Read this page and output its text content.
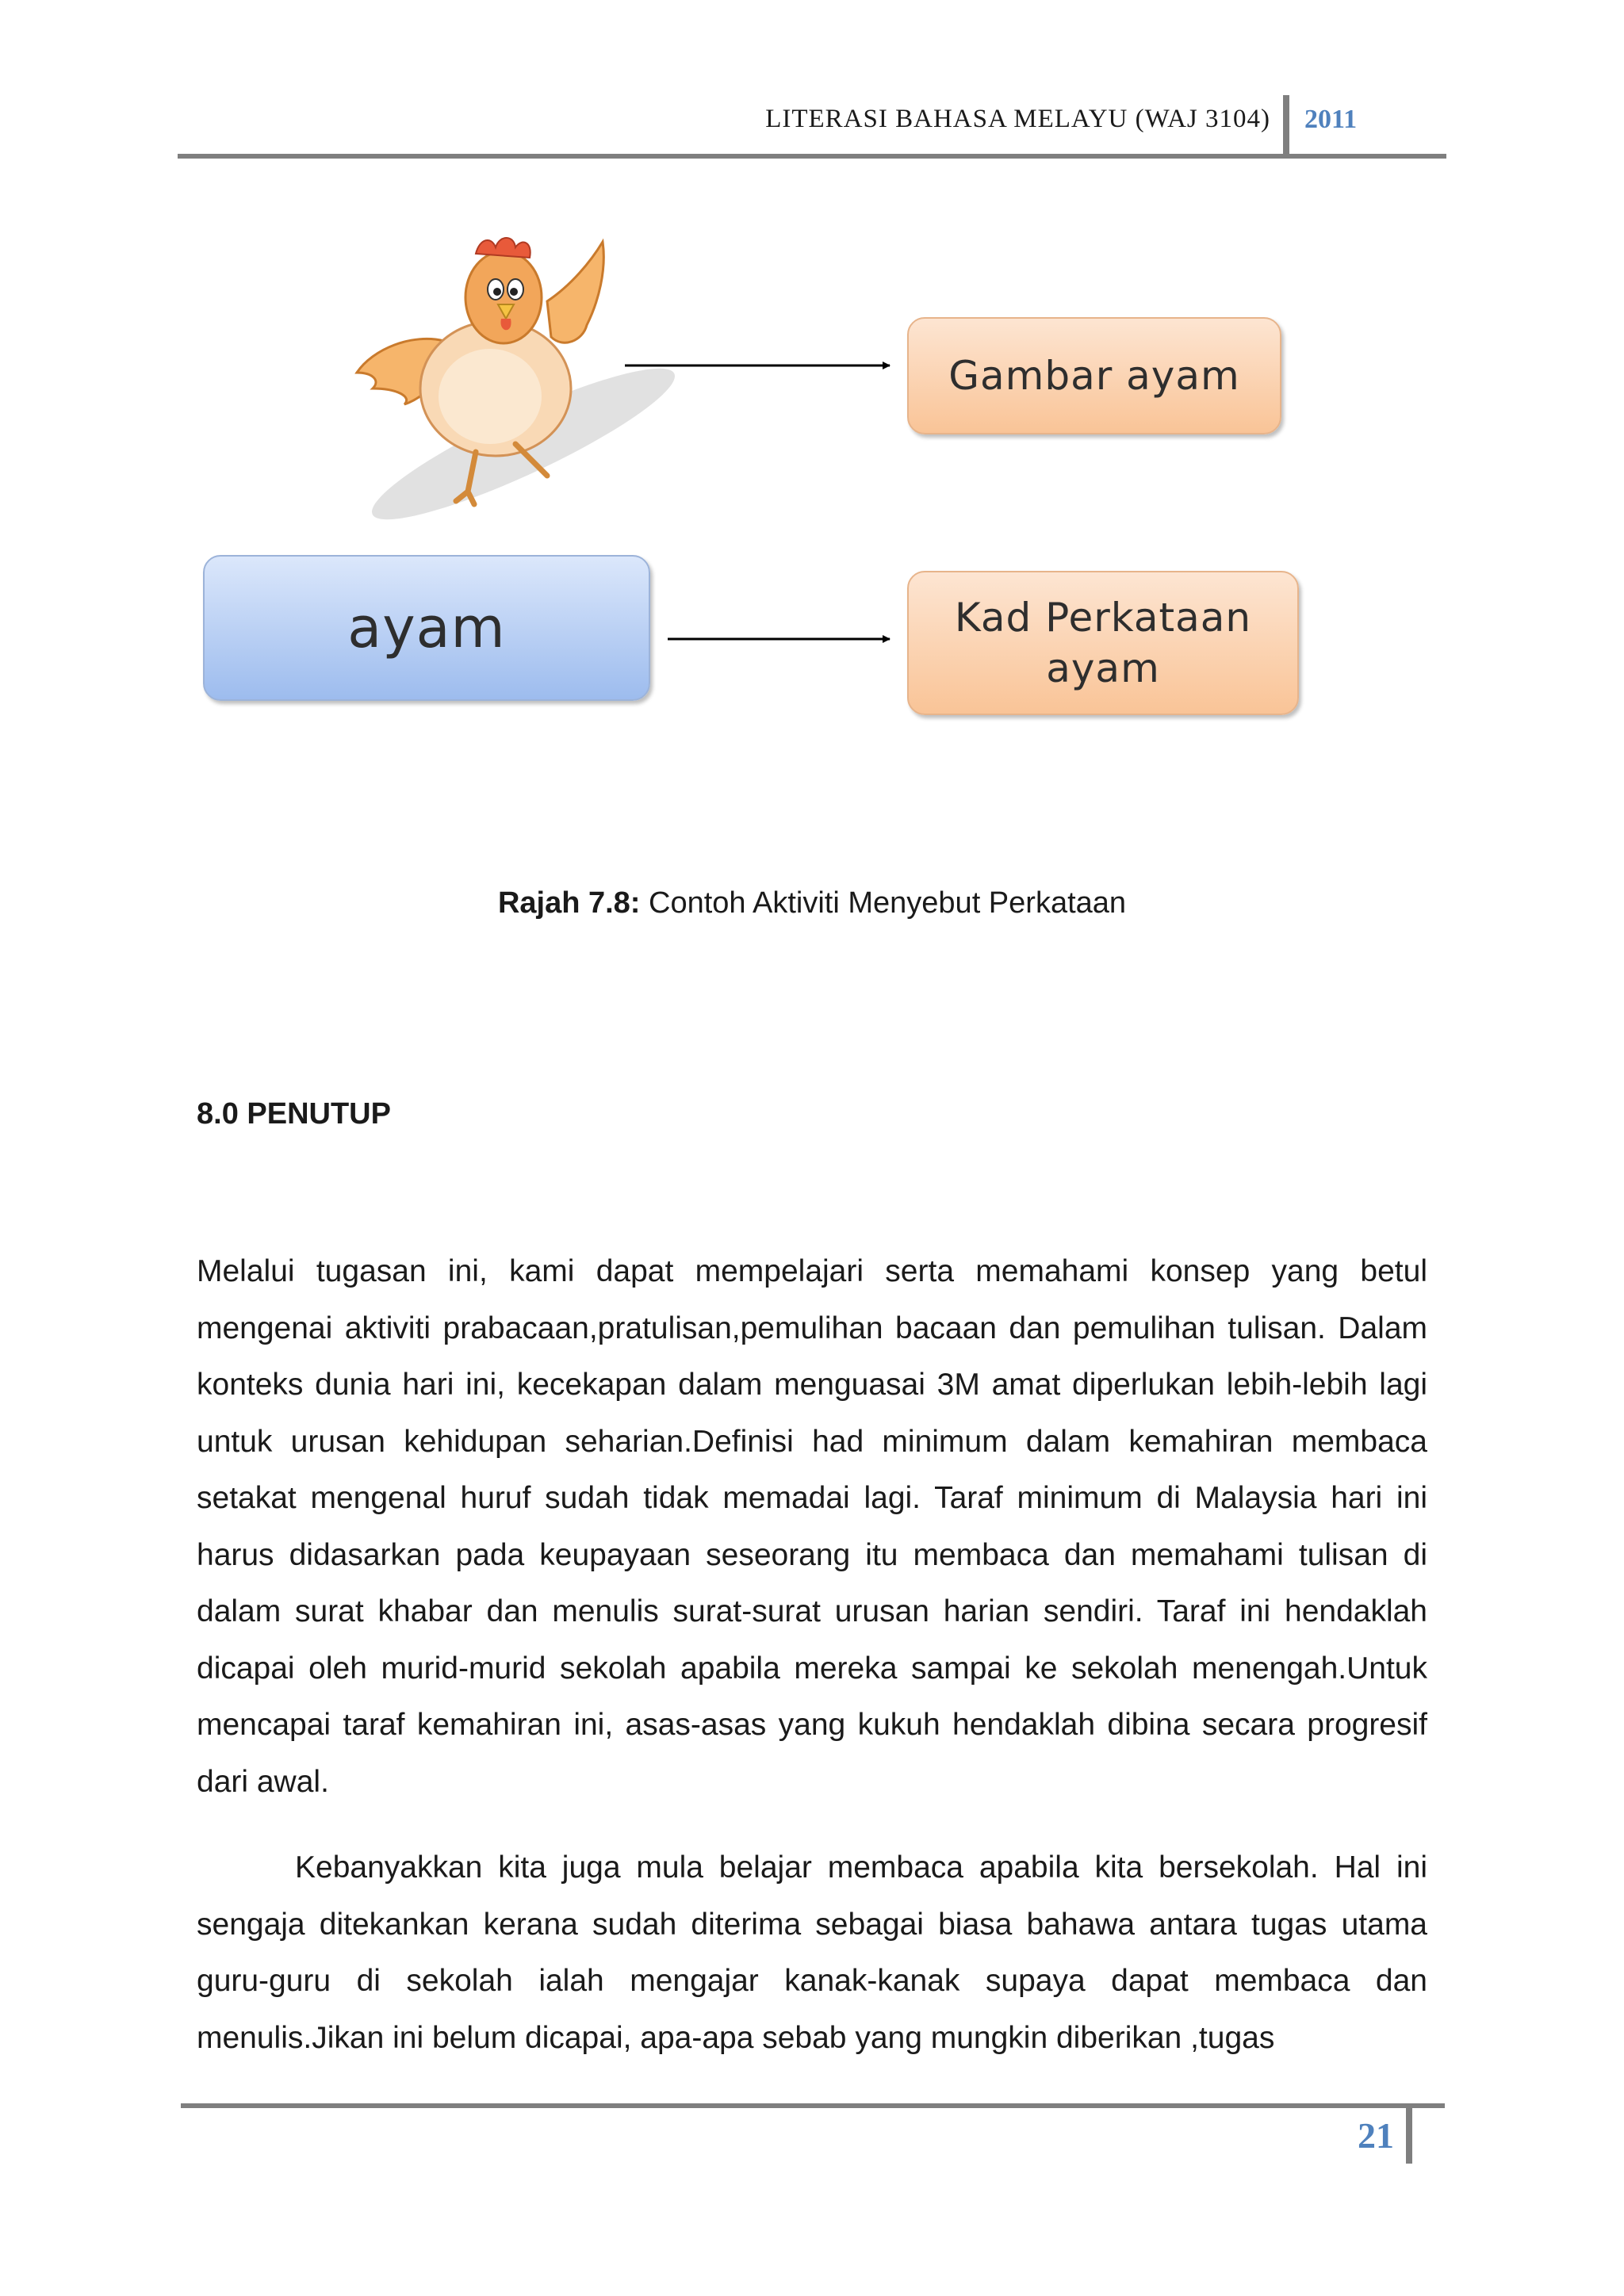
LITERASI BAHASA MELAYU (WAJ 3104) 2011
Gambar ayam
ayam	Kad Perkataan
ayam
Rajah 7.8: Contoh Aktiviti Menyebut Perkataan
8.0 PENUTUP

Melalui tugasan ini, kami dapat mempelajari serta memahami konsep yang betul mengenai aktiviti prabacaan,pratulisan,pemulihan bacaan dan pemulihan tulisan. Dalam konteks dunia hari ini, kecekapan dalam menguasai 3M amat diperlukan lebih-lebih lagi untuk urusan kehidupan seharian.Definisi had minimum dalam kemahiran membaca setakat mengenal huruf sudah tidak memadai lagi. Taraf minimum di Malaysia hari ini harus didasarkan pada keupayaan seseorang itu membaca dan memahami tulisan di dalam surat khabar dan menulis surat-surat urusan harian sendiri. Taraf ini hendaklah dicapai oleh murid-murid sekolah apabila mereka sampai ke sekolah menengah.Untuk mencapai taraf kemahiran ini, asas-asas yang kukuh hendaklah dibina secara progresif dari awal.

Kebanyakkan kita juga mula belajar membaca apabila kita bersekolah. Hal ini sengaja ditekankan kerana sudah diterima sebagai biasa bahawa antara tugas utama guru-guru di sekolah ialah mengajar kanak-kanak supaya dapat membaca dan menulis.Jikan ini belum dicapai, apa-apa sebab yang mungkin diberikan ,tugas

21
